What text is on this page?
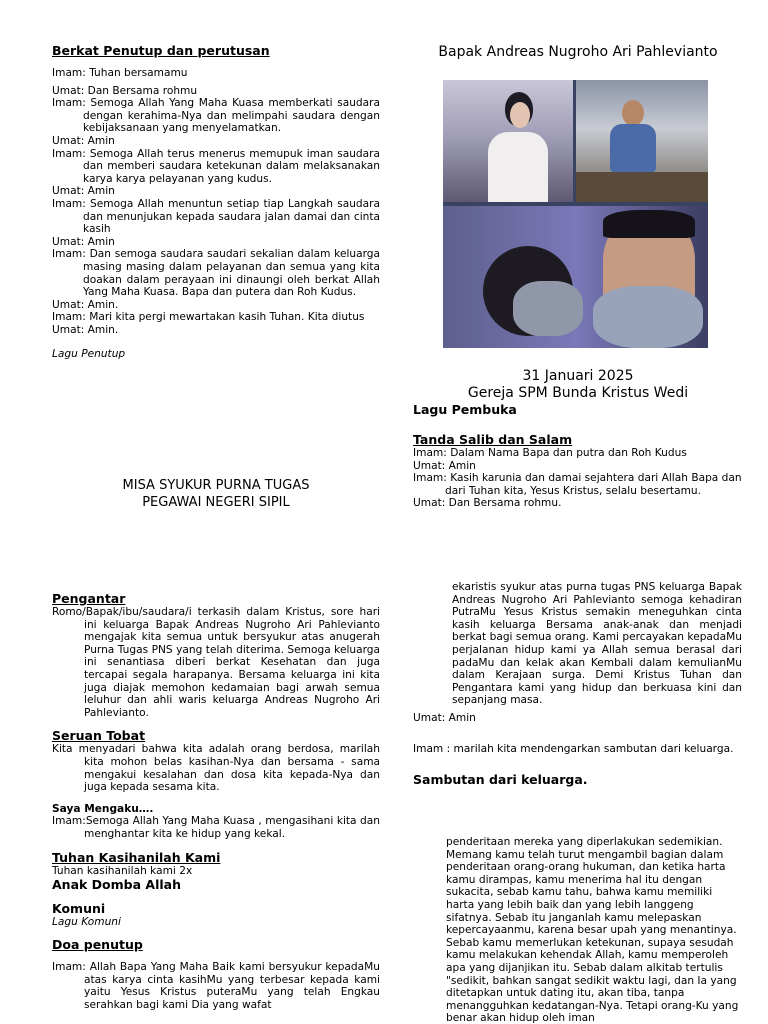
Berkat Penutup dan perutusan

Imam: Tuhan bersamamu

Umat: Dan Bersama rohmu

Imam: Semoga Allah Yang Maha Kuasa memberkati saudara dengan kerahima-Nya dan melimpahi saudara dengan kebijaksanaan yang menyelamatkan.

Umat: Amin

Imam: Semoga Allah terus menerus memupuk iman saudara dan memberi saudara ketekunan dalam melaksanakan karya karya pelayanan yang kudus.

Umat: Amin

Imam: Semoga Allah menuntun setiap tiap Langkah saudara dan menunjukan kepada saudara jalan damai dan cinta kasih

Umat: Amin

Imam: Dan semoga saudara saudari sekalian dalam keluarga masing masing dalam pelayanan dan semua yang kita doakan dalam perayaan ini dinaungi oleh berkat Allah Yang Maha Kuasa. Bapa dan putera dan Roh Kudus.

Umat: Amin.

Imam: Mari kita pergi mewartakan kasih Tuhan. Kita diutus

Umat: Amin.

Lagu Penutup

MISA SYUKUR PURNA TUGAS
PEGAWAI NEGERI SIPIL
Bapak Andreas Nugroho Ari Pahlevianto
31 Januari 2025
Gereja SPM Bunda Kristus Wedi

Lagu Pembuka

Tanda Salib dan Salam

Imam: Dalam Nama Bapa dan putra dan Roh Kudus

Umat: Amin

Imam: Kasih karunia dan damai sejahtera dari Allah Bapa dan dari Tuhan kita, Yesus Kristus, selalu besertamu.

Umat: Dan Bersama rohmu.

Pengantar

Romo/Bapak/ibu/saudara/i terkasih dalam Kristus, sore hari ini keluarga Bapak Andreas Nugroho Ari Pahlevianto mengajak kita semua untuk bersyukur atas anugerah Purna Tugas PNS yang telah diterima. Semoga keluarga ini senantiasa diberi berkat Kesehatan dan juga tercapai segala harapanya. Bersama keluarga ini kita juga diajak memohon kedamaian bagi arwah semua leluhur dan ahli waris keluarga Andreas Nugroho Ari Pahlevianto.

Seruan Tobat

Kita menyadari bahwa kita adalah orang berdosa, marilah kita mohon belas kasihan-Nya dan bersama - sama mengakui kesalahan dan dosa kita kepada-Nya dan juga kepada sesama kita.

Saya Mengaku….

Imam:Semoga Allah Yang Maha Kuasa , mengasihani kita dan menghantar kita ke hidup yang kekal.

Tuhan Kasihanilah Kami

Tuhan kasihanilah kami 2x

Anak Domba Allah

Komuni

Lagu Komuni

Doa penutup

Imam: Allah Bapa Yang Maha Baik kami bersyukur kepadaMu atas karya cinta kasihMu yang terbesar kepada kami yaitu Yesus Kristus puteraMu yang telah Engkau serahkan bagi kami Dia yang wafat

ekaristis syukur atas purna tugas PNS keluarga Bapak Andreas Nugroho Ari Pahlevianto semoga kehadiran PutraMu Yesus Kristus semakin meneguhkan cinta kasih keluarga Bersama anak-anak dan menjadi berkat bagi semua orang. Kami percayakan kepadaMu perjalanan hidup kami ya Allah semua berasal dari padaMu dan kelak akan Kembali dalam kemulianMu dalam Kerajaan surga. Demi Kristus Tuhan dan Pengantara kami yang hidup dan berkuasa kini dan sepanjang masa.

Umat: Amin

Imam : marilah kita mendengarkan sambutan dari keluarga.

Sambutan dari keluarga.

penderitaan mereka yang diperlakukan sedemikian. Memang kamu telah turut mengambil bagian dalam penderitaan orang-orang hukuman, dan ketika harta kamu dirampas, kamu menerima hal itu dengan sukacita, sebab kamu tahu, bahwa kamu memiliki harta yang lebih baik dan yang lebih langgeng sifatnya. Sebab itu janganlah kamu melepaskan kepercayaanmu, karena besar upah yang menantinya. Sebab kamu memerlukan ketekunan, supaya sesudah kamu melakukan kehendak Allah, kamu memperoleh apa yang dijanjikan itu. Sebab dalam alkitab tertulis "sedikit, bahkan sangat sedikit waktu lagi, dan Ia yang ditetapkan untuk dating itu, akan tiba, tanpa menangguhkan kedatangan-Nya. Tetapi orang-Ku yang benar akan hidup oleh iman
